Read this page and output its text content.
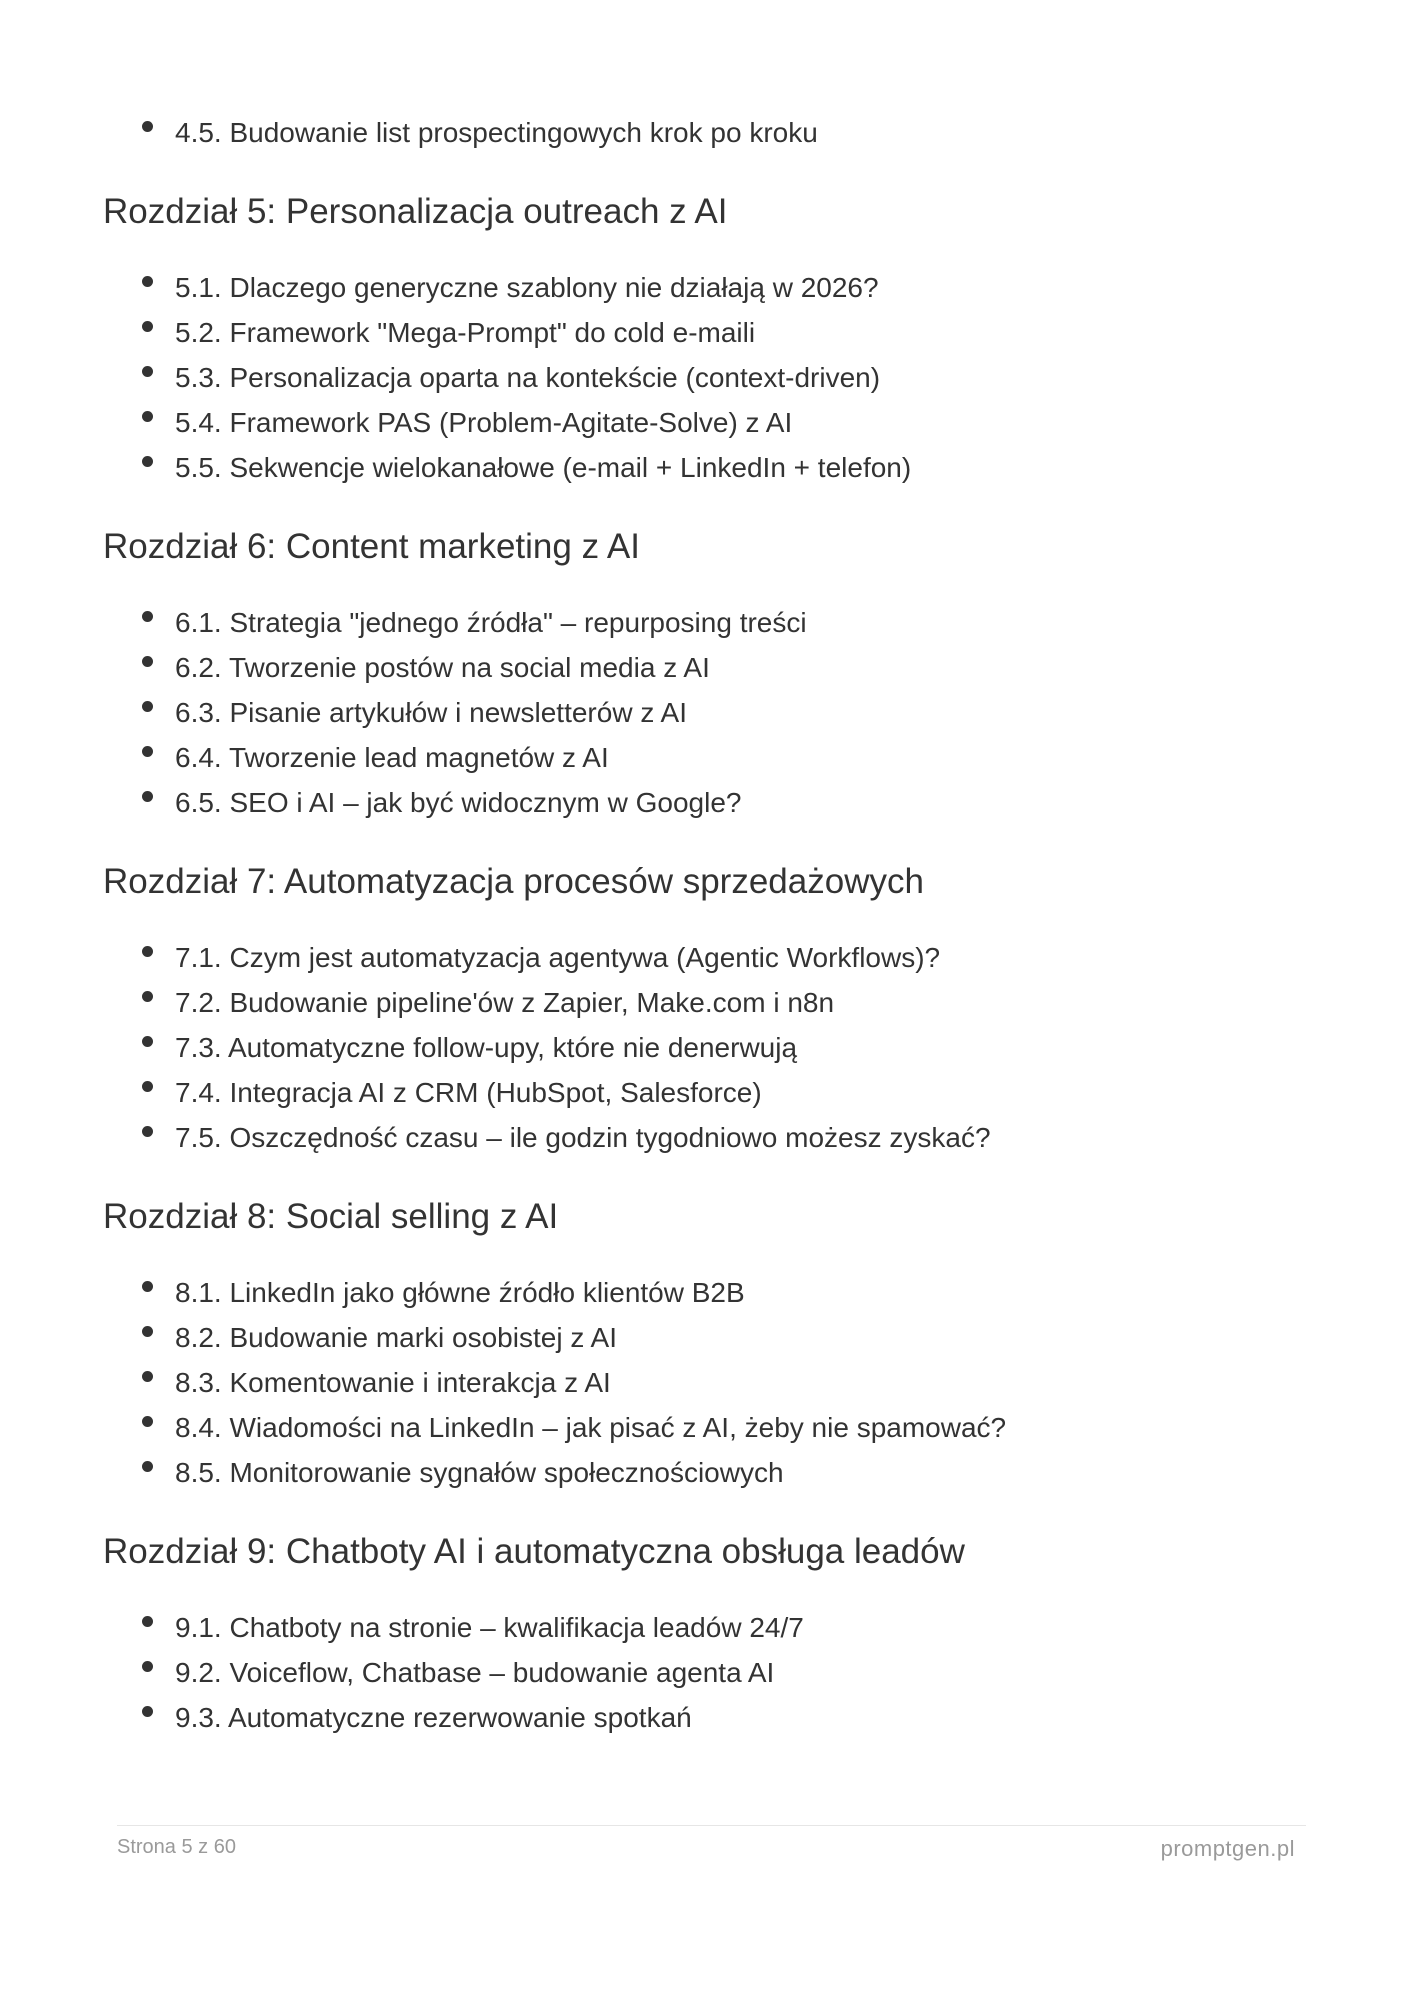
4.5. Budowanie list prospectingowych krok po kroku
Rozdział 5: Personalizacja outreach z AI
5.1. Dlaczego generyczne szablony nie działają w 2026?
5.2. Framework "Mega-Prompt" do cold e-maili
5.3. Personalizacja oparta na kontekście (context-driven)
5.4. Framework PAS (Problem-Agitate-Solve) z AI
5.5. Sekwencje wielokanałowe (e-mail + LinkedIn + telefon)
Rozdział 6: Content marketing z AI
6.1. Strategia "jednego źródła" – repurposing treści
6.2. Tworzenie postów na social media z AI
6.3. Pisanie artykułów i newsletterów z AI
6.4. Tworzenie lead magnetów z AI
6.5. SEO i AI – jak być widocznym w Google?
Rozdział 7: Automatyzacja procesów sprzedażowych
7.1. Czym jest automatyzacja agentywa (Agentic Workflows)?
7.2. Budowanie pipeline'ów z Zapier, Make.com i n8n
7.3. Automatyczne follow-upy, które nie denerwują
7.4. Integracja AI z CRM (HubSpot, Salesforce)
7.5. Oszczędność czasu – ile godzin tygodniowo możesz zyskać?
Rozdział 8: Social selling z AI
8.1. LinkedIn jako główne źródło klientów B2B
8.2. Budowanie marki osobistej z AI
8.3. Komentowanie i interakcja z AI
8.4. Wiadomości na LinkedIn – jak pisać z AI, żeby nie spamować?
8.5. Monitorowanie sygnałów społecznościowych
Rozdział 9: Chatboty AI i automatyczna obsługa leadów
9.1. Chatboty na stronie – kwalifikacja leadów 24/7
9.2. Voiceflow, Chatbase – budowanie agenta AI
9.3. Automatyczne rezerwowanie spotkań
Strona 5 z 60	promptgen.pl
